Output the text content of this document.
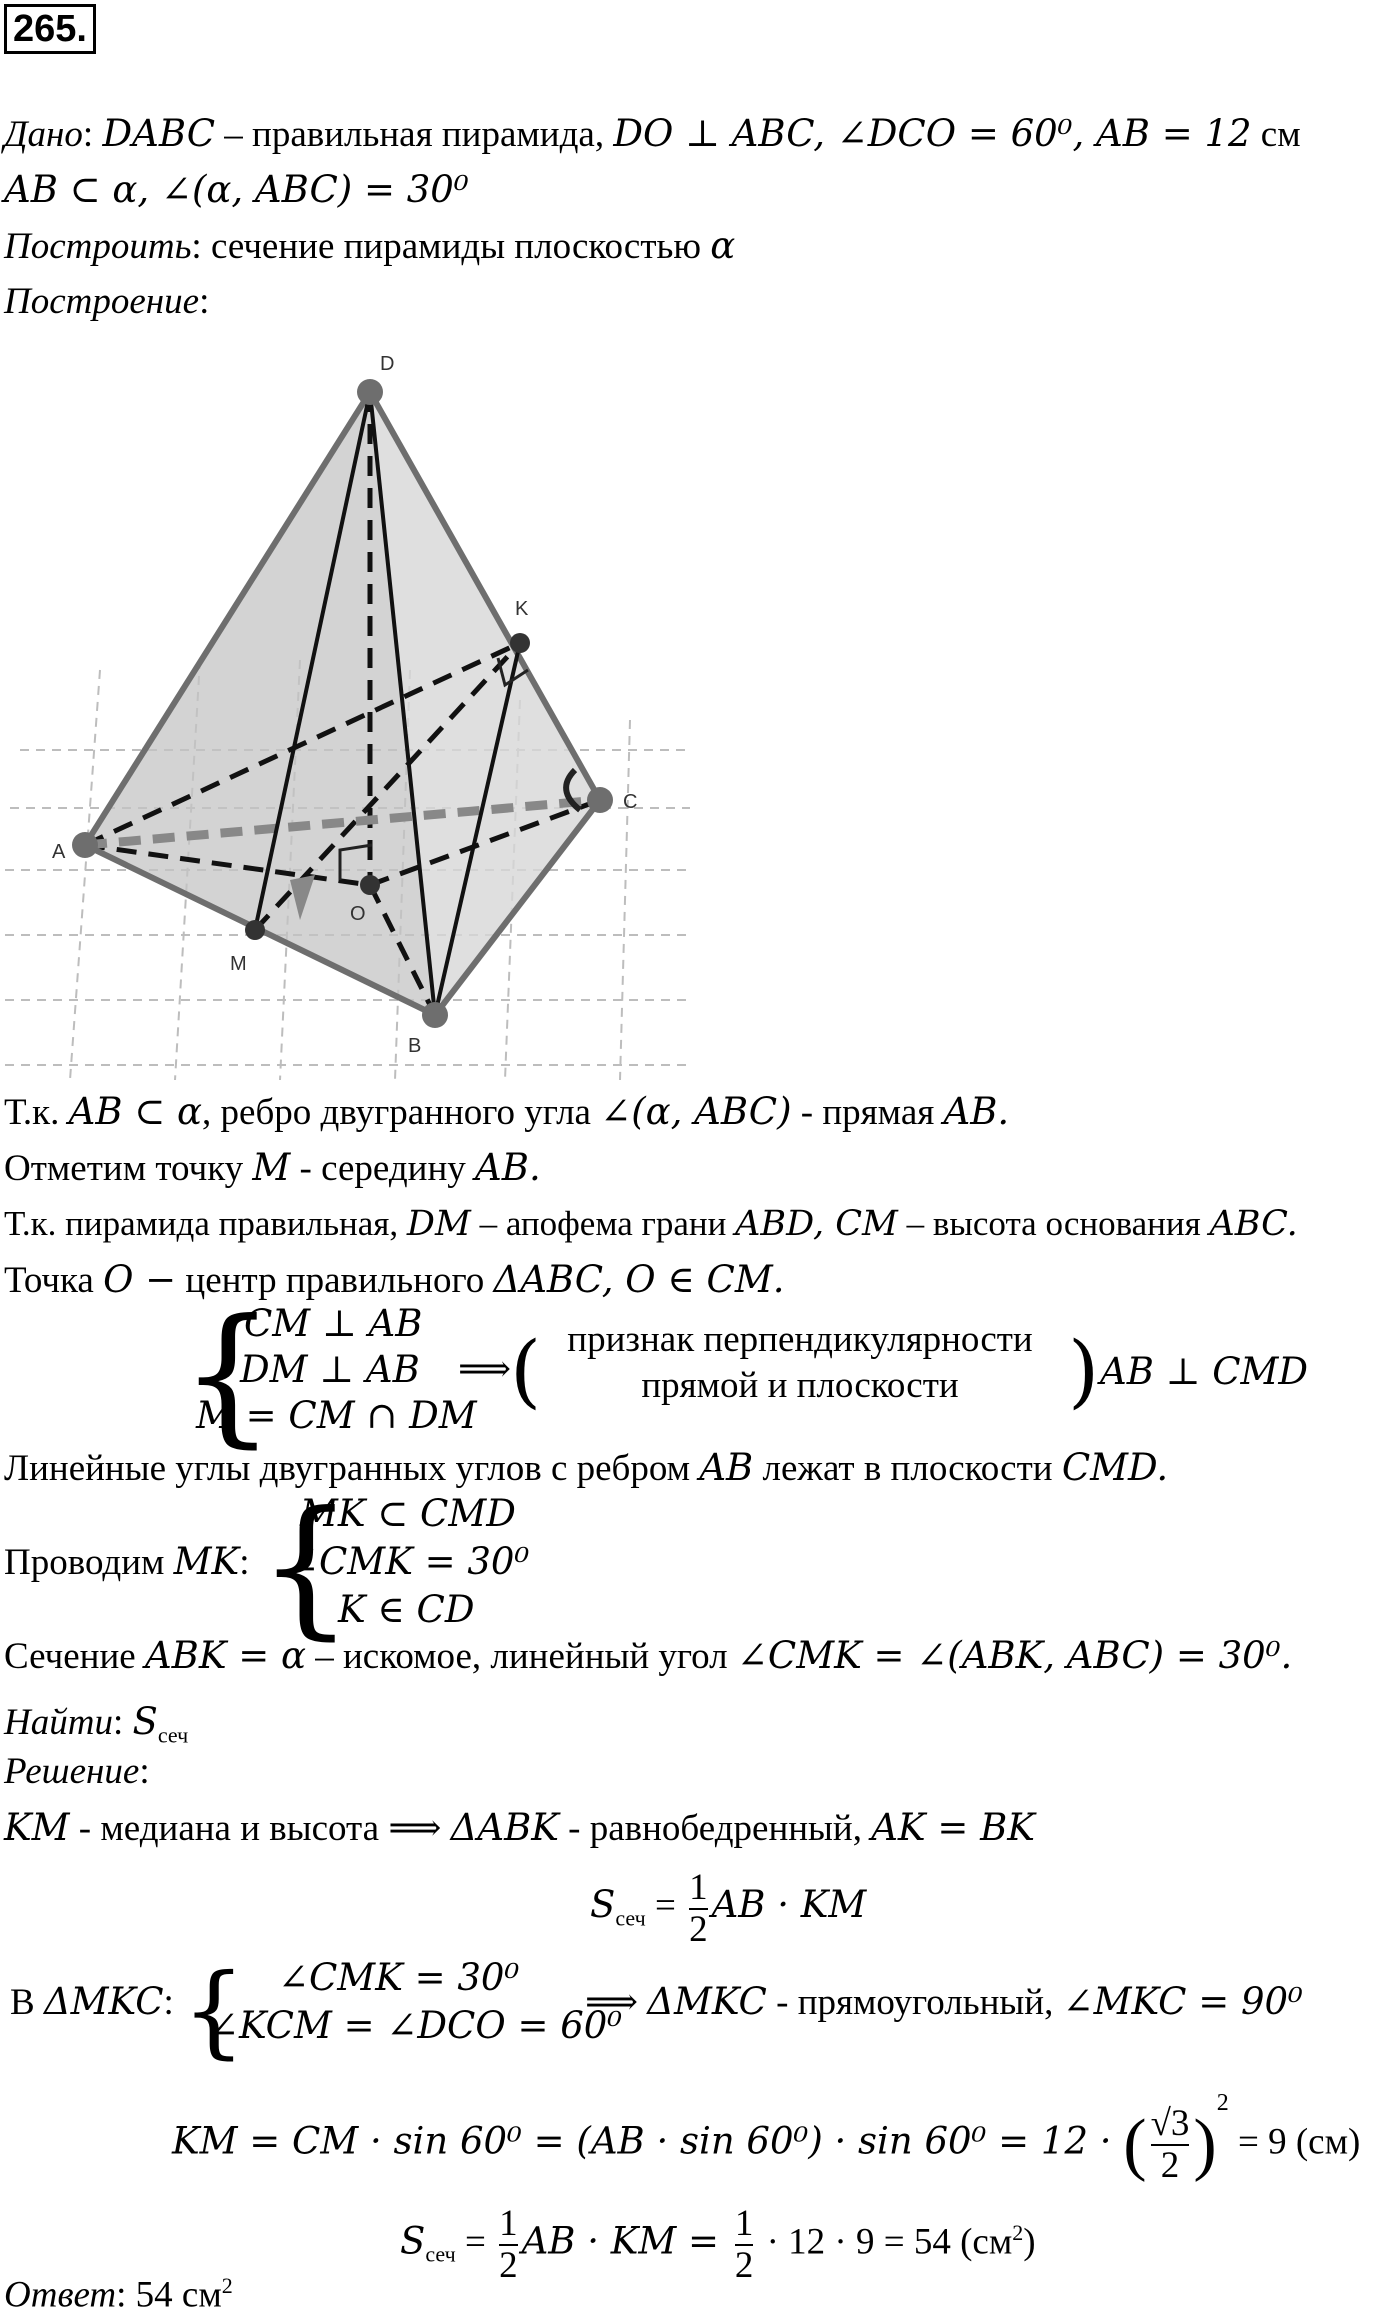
265.
Дано: DABC – правильная пирамида, DO ⊥ ABC, ∠DCO = 60⁰, AB = 12 см
AB ⊂ α, ∠(α, ABC) = 30⁰
Построить: сечение пирамиды плоскостью α
Построение:
D
K
C
A
O
M
B
Т.к. AB ⊂ α, ребро двугранного угла ∠(α, ABC) - прямая AB.
Отметим точку M - середину AB.
Т.к. пирамида правильная, DM – апофема грани ABD, CM – высота основания ABC.
Точка O − центр правильного ΔABC, O ∈ CM.
{
CM ⊥ AB
DM ⊥ AB
M = CM ∩ DM
⟹
( признак перпендикулярности
прямой и плоскости	) AB ⊥ CMD
Линейные углы двугранных углов с ребром AB лежат в плоскости CMD.
Проводим MK: {
MK ⊂ CMD
∠CMK = 30⁰
K ∈ CD
Сечение ABK = α – искомое, линейный угол ∠CMK = ∠(ABK, ABC) = 30⁰.
Найти: $S_{сеч}$
Решение:
KM - медиана и высота ⟹ ΔABK - равнобедренный, AK = BK
$S_{сеч} = \frac{1}{2}$ AB · KM
В ΔMKC: { ∠CMK = 30⁰
∠KCM = ∠DCO = 60⁰
⟹ ΔMKC - прямоугольный, ∠MKC = 90⁰
KM = CM · sin 60⁰ = (AB · sin 60⁰) · sin 60⁰ = 12 · ( $\frac{√3}{2} )^2 = 9$ (см)
$S_{сеч} = \frac{1}{2}$ AB · KM = $\frac{1}{2} \cdot 12 \cdot 9 = 54$ $(см^2)$
Ответ: 54 $см^2$
